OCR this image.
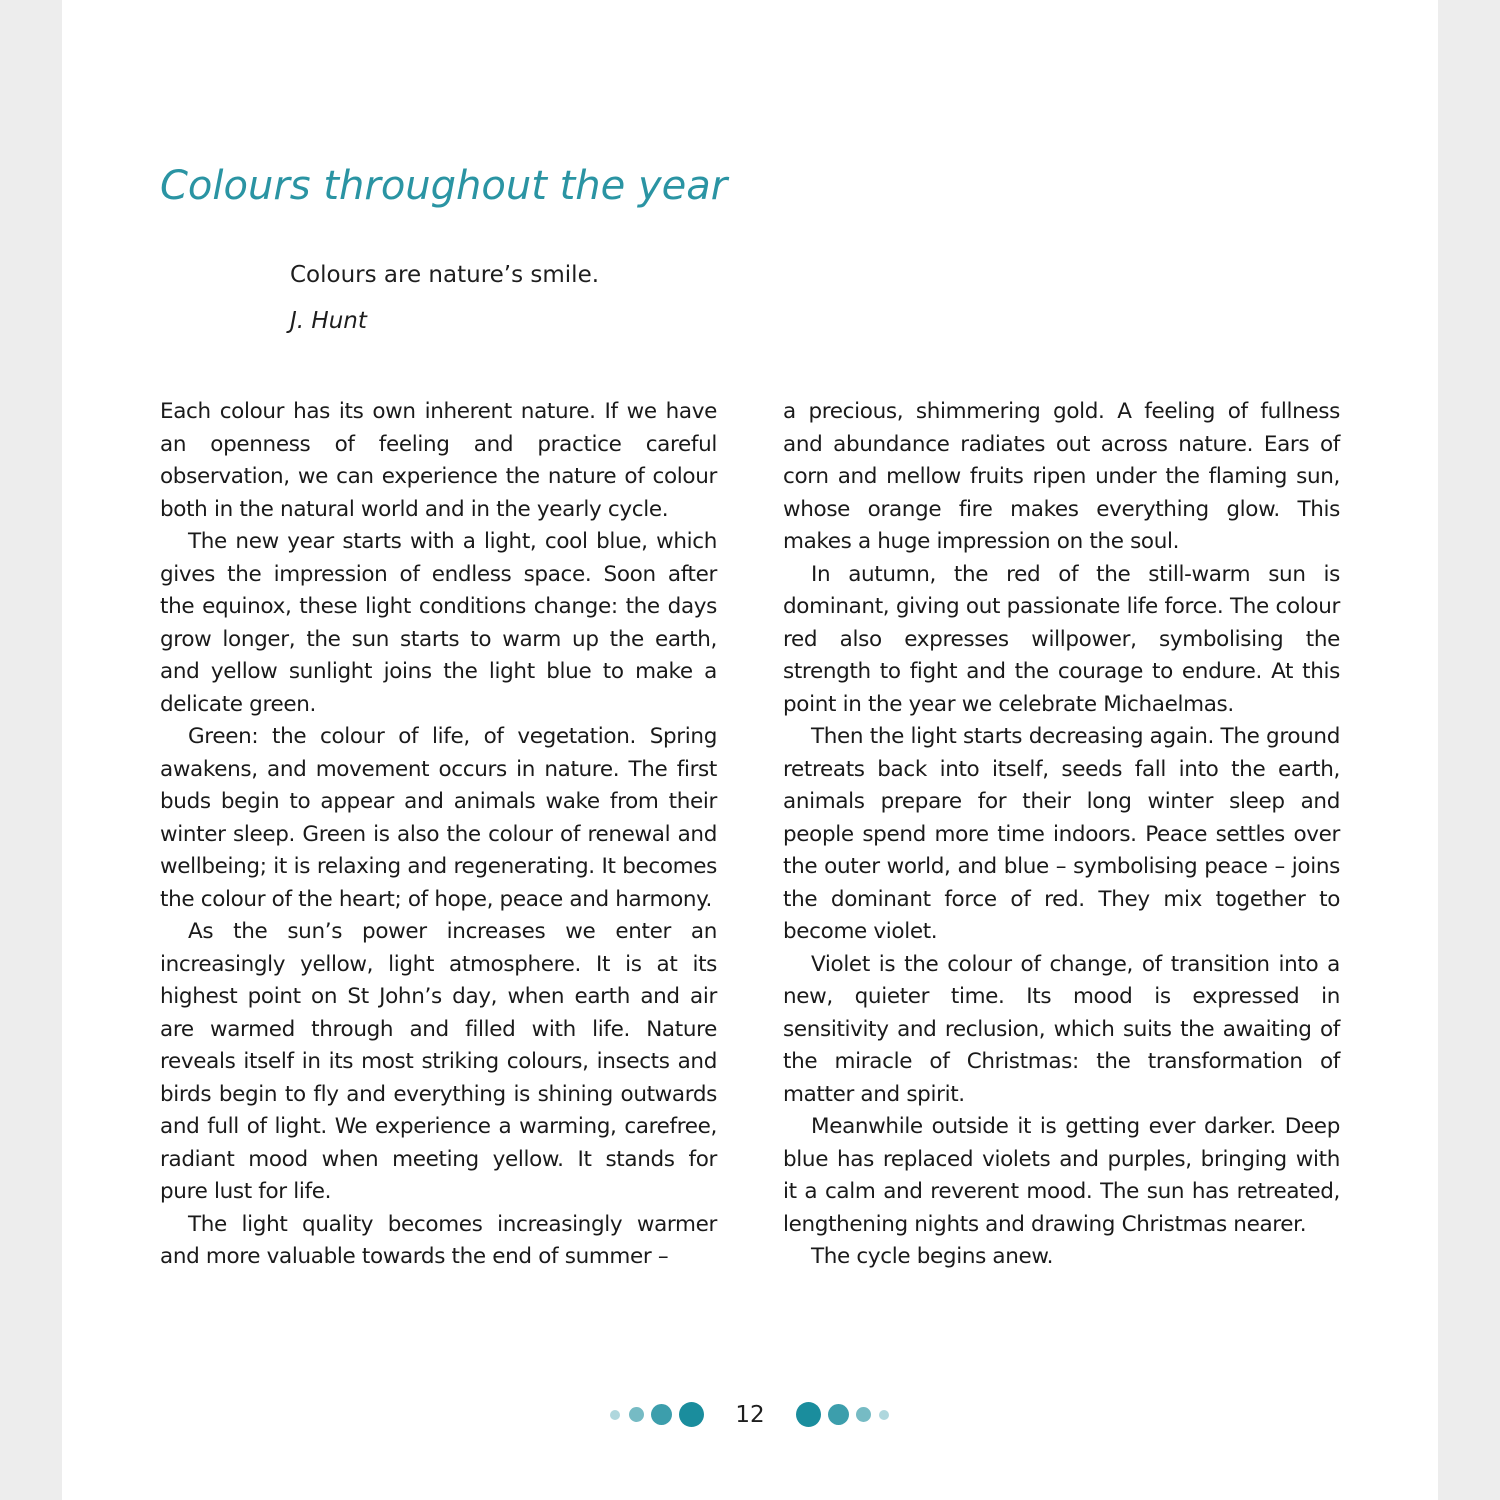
Colours throughout the year
Colours are nature’s smile.
J. Hunt

Each colour has its own inherent nature. If we have an openness of feeling and practice careful observation, we can experience the nature of colour both in the natural world and in the yearly cycle.

The new year starts with a light, cool blue, which gives the impression of endless space. Soon after the equinox, these light conditions change: the days grow longer, the sun starts to warm up the earth, and yellow sunlight joins the light blue to make a delicate green.

Green: the colour of life, of vegetation. Spring awakens, and movement occurs in nature. The first buds begin to appear and animals wake from their winter sleep. Green is also the colour of renewal and wellbeing; it is relaxing and regenerating. It becomes the colour of the heart; of hope, peace and harmony.

As the sun’s power increases we enter an increasingly yellow, light atmosphere. It is at its highest point on St John’s day, when earth and air are warmed through and filled with life. Nature reveals itself in its most striking colours, insects and birds begin to fly and everything is shining outwards and full of light. We experience a warming, carefree, radiant mood when meeting yellow. It stands for pure lust for life.

The light quality becomes increasingly warmer and more valuable towards the end of summer –

a precious, shimmering gold. A feeling of fullness and abundance radiates out across nature. Ears of corn and mellow fruits ripen under the flaming sun, whose orange fire makes everything glow. This makes a huge impression on the soul.

In autumn, the red of the still-warm sun is dominant, giving out passionate life force. The colour red also expresses willpower, symbolising the strength to fight and the courage to endure. At this point in the year we celebrate Michaelmas.

Then the light starts decreasing again. The ground retreats back into itself, seeds fall into the earth, animals prepare for their long winter sleep and people spend more time indoors. Peace settles over the outer world, and blue – symbolising peace – joins the dominant force of red. They mix together to become violet.

Violet is the colour of change, of transition into a new, quieter time. Its mood is expressed in sensitivity and reclusion, which suits the awaiting of the miracle of Christmas: the transformation of matter and spirit.

Meanwhile outside it is getting ever darker. Deep blue has replaced violets and purples, bringing with it a calm and reverent mood. The sun has retreated, lengthening nights and drawing Christmas nearer.

The cycle begins anew.

12
